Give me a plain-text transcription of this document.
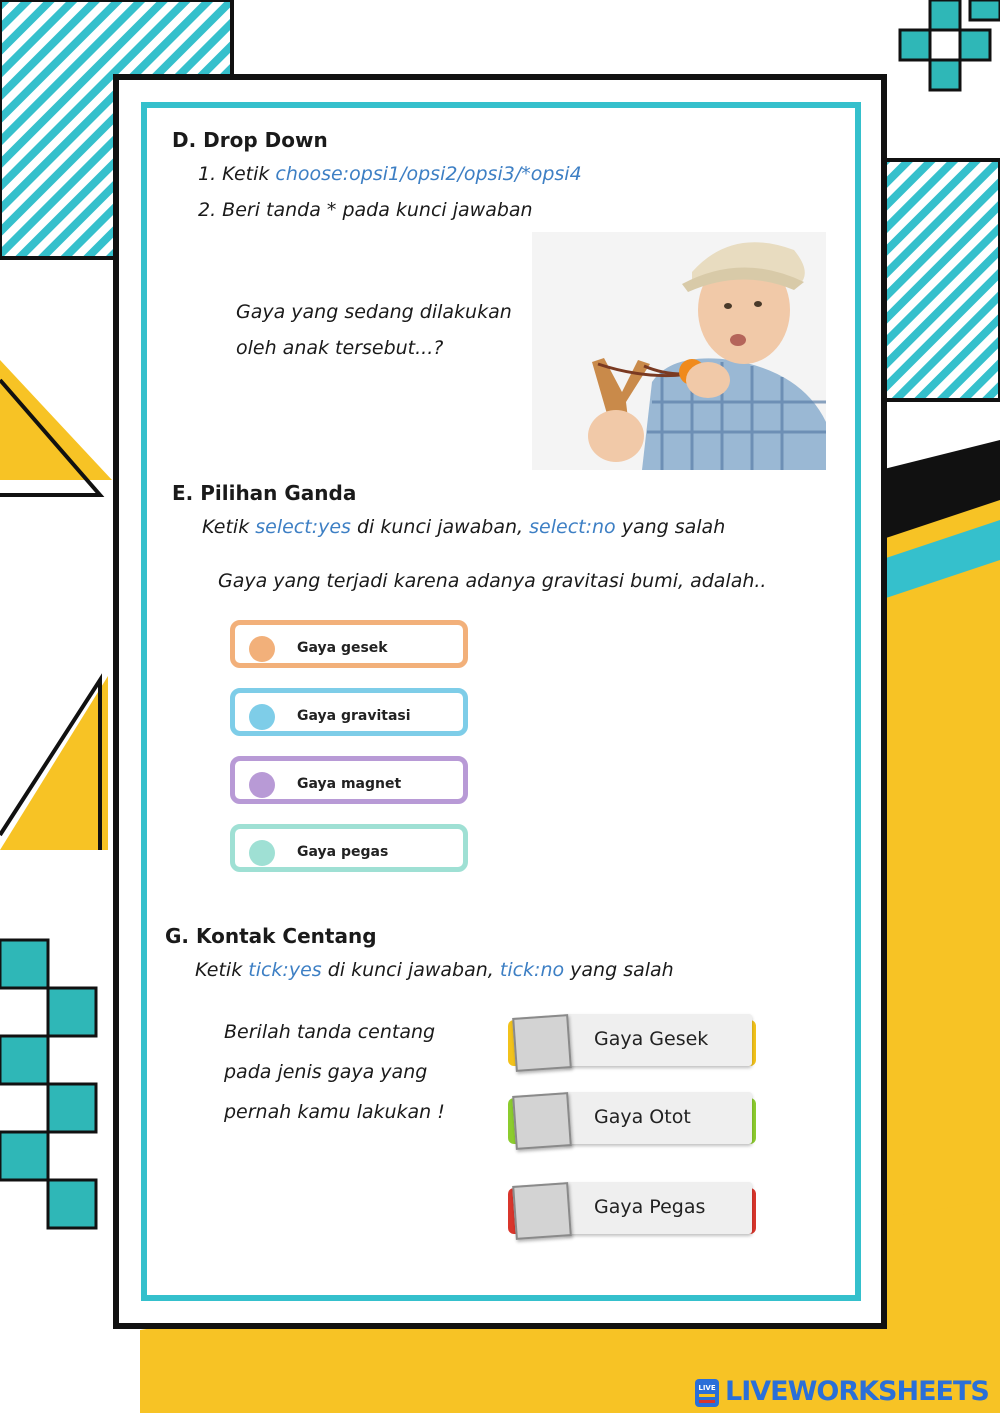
D. Drop Down
1. Ketik choose:opsi1/opsi2/opsi3/*opsi4
2. Beri tanda * pada kunci jawaban
Gaya yang sedang dilakukan
oleh anak tersebut...?
E. Pilihan Ganda
Ketik select:yes di kunci jawaban, select:no yang salah
Gaya yang terjadi karena adanya gravitasi bumi, adalah..
Gaya gesek
Gaya gravitasi
Gaya magnet
Gaya pegas
G. Kontak Centang
Ketik tick:yes di kunci jawaban, tick:no yang salah
Berilah tanda centang
pada jenis gaya yang
pernah kamu lakukan !
Gaya Gesek
Gaya Otot
Gaya Pegas
LIVE LIVEWORKSHEETS
